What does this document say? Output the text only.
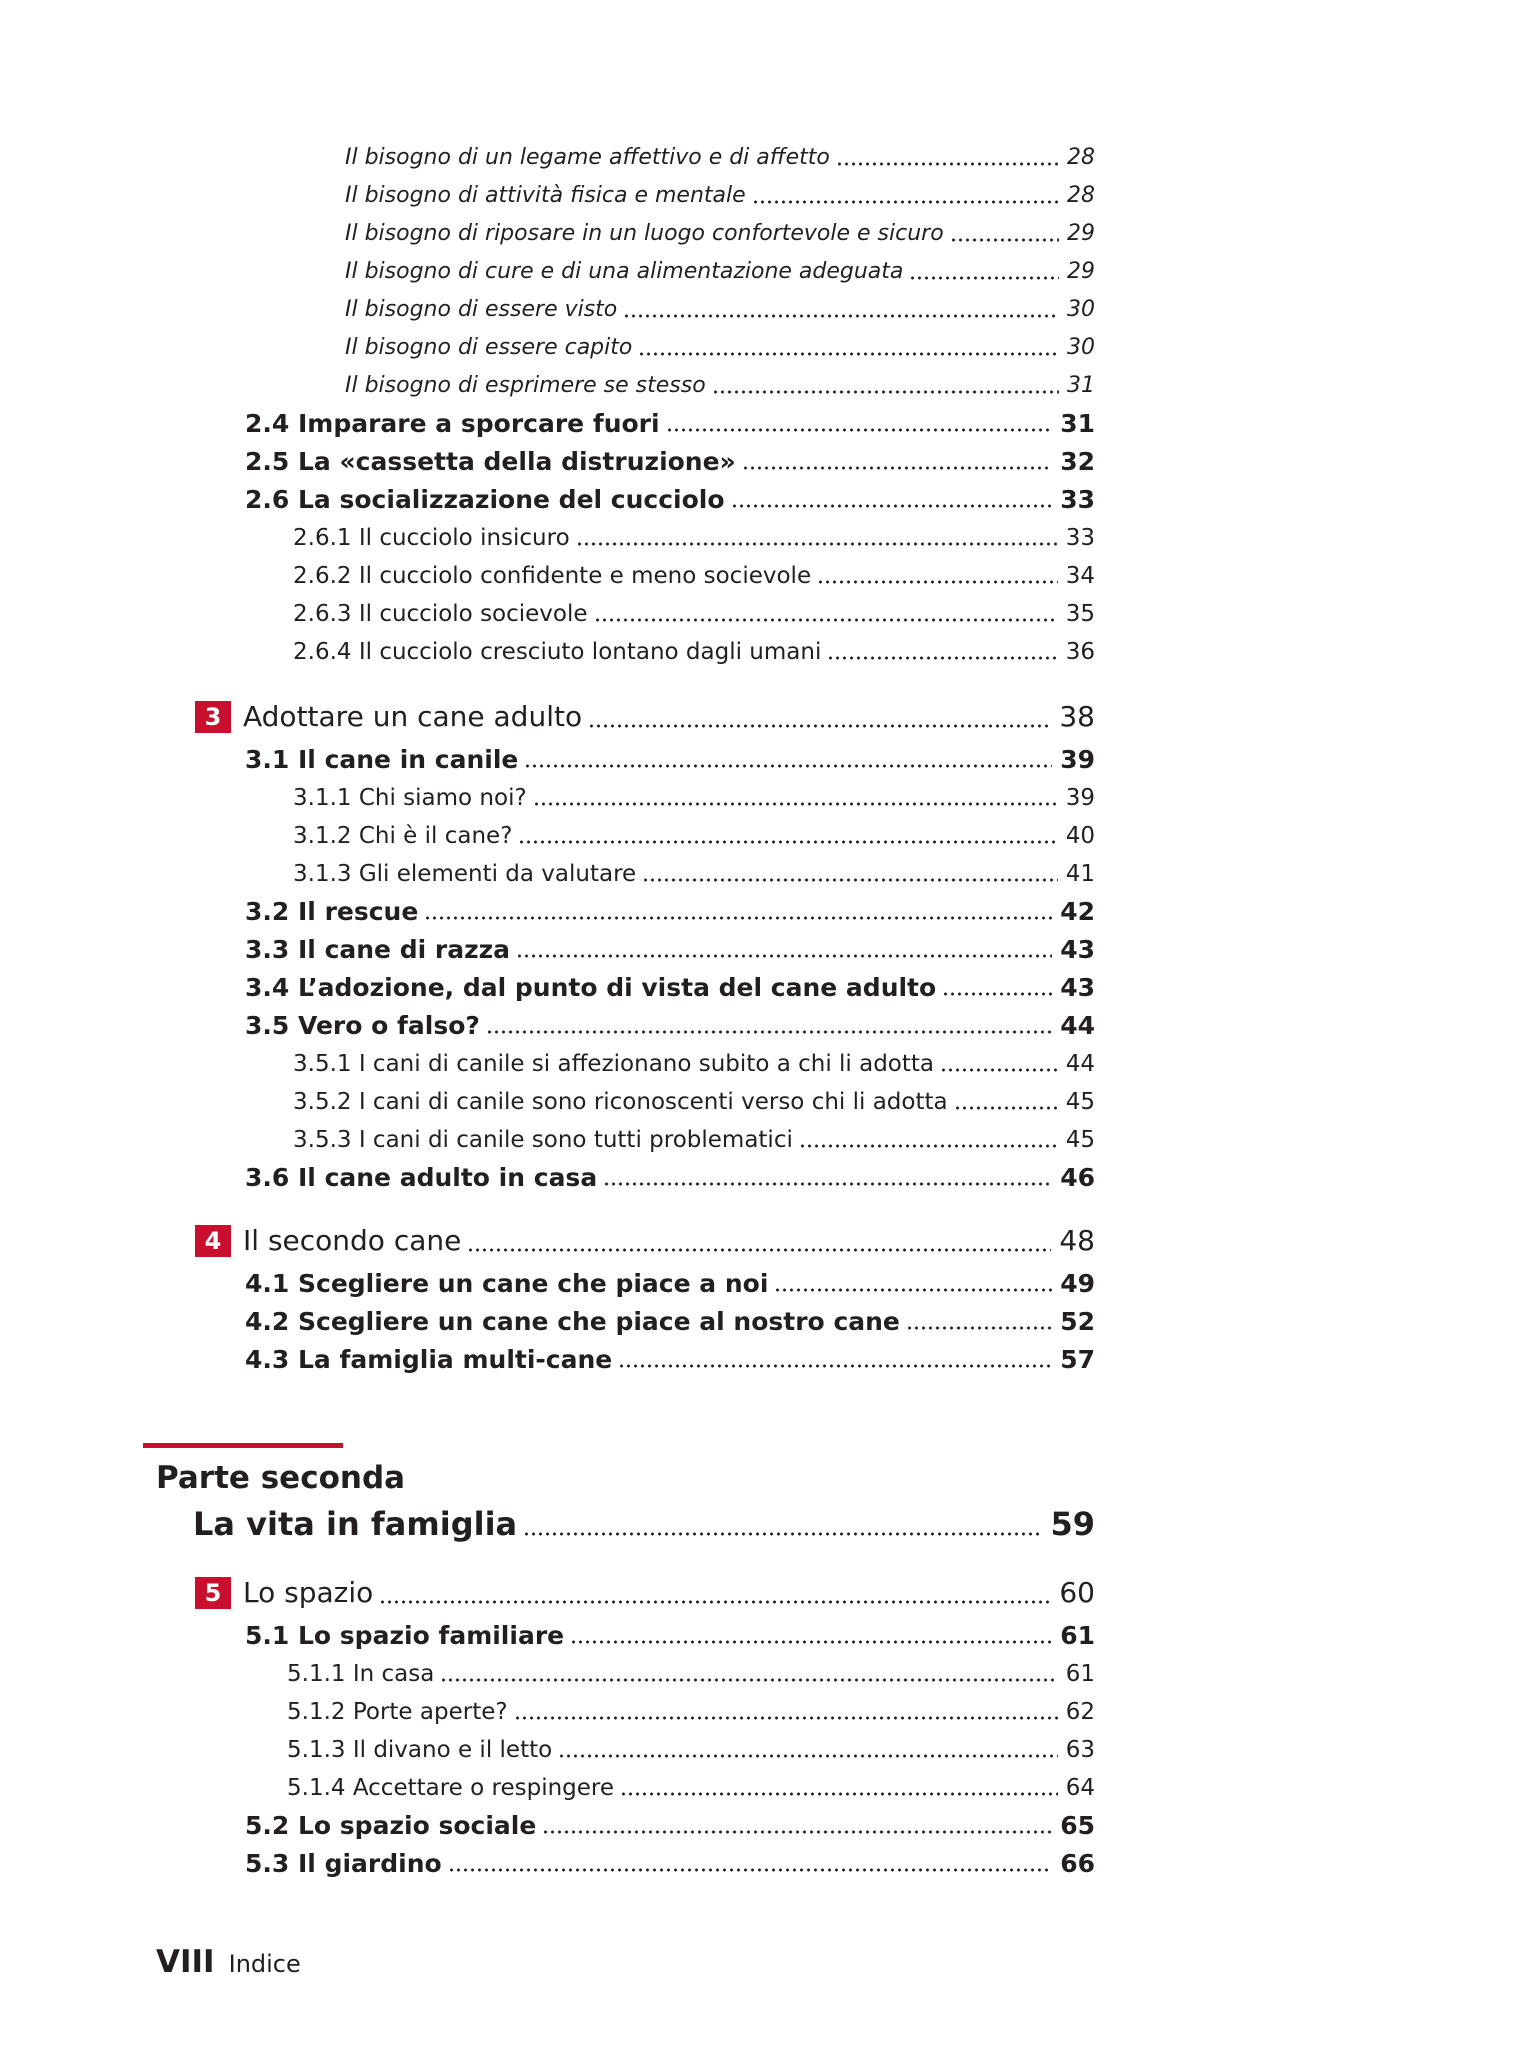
Il bisogno di un legame affettivo e di affetto	28
Il bisogno di attività fisica e mentale	28
Il bisogno di riposare in un luogo confortevole e sicuro	29
Il bisogno di cure e di una alimentazione adeguata	29
Il bisogno di essere visto	30
Il bisogno di essere capito	30
Il bisogno di esprimere se stesso	31
2.4 Imparare a sporcare fuori	31
2.5 La «cassetta della distruzione»	32
2.6 La socializzazione del cucciolo	33
2.6.1 Il cucciolo insicuro	33
2.6.2 Il cucciolo confidente e meno socievole	34
2.6.3 Il cucciolo socievole	35
2.6.4 Il cucciolo cresciuto lontano dagli umani	36
3 Adottare un cane adulto	38
3.1 Il cane in canile	39
3.1.1 Chi siamo noi?	39
3.1.2 Chi è il cane?	40
3.1.3 Gli elementi da valutare	41
3.2 Il rescue	42
3.3 Il cane di razza	43
3.4 L’adozione, dal punto di vista del cane adulto	43
3.5 Vero o falso?	44
3.5.1 I cani di canile si affezionano subito a chi li adotta	44
3.5.2 I cani di canile sono riconoscenti verso chi li adotta	45
3.5.3 I cani di canile sono tutti problematici	45
3.6 Il cane adulto in casa	46
4 Il secondo cane	48
4.1 Scegliere un cane che piace a noi	49
4.2 Scegliere un cane che piace al nostro cane	52
4.3 La famiglia multi-cane	57
Parte seconda
La vita in famiglia	59
5 Lo spazio	60
5.1 Lo spazio familiare	61
5.1.1 In casa	61
5.1.2 Porte aperte?	62
5.1.3 Il divano e il letto	63
5.1.4 Accettare o respingere	64
5.2 Lo spazio sociale	65
5.3 Il giardino	66
VIII Indice
